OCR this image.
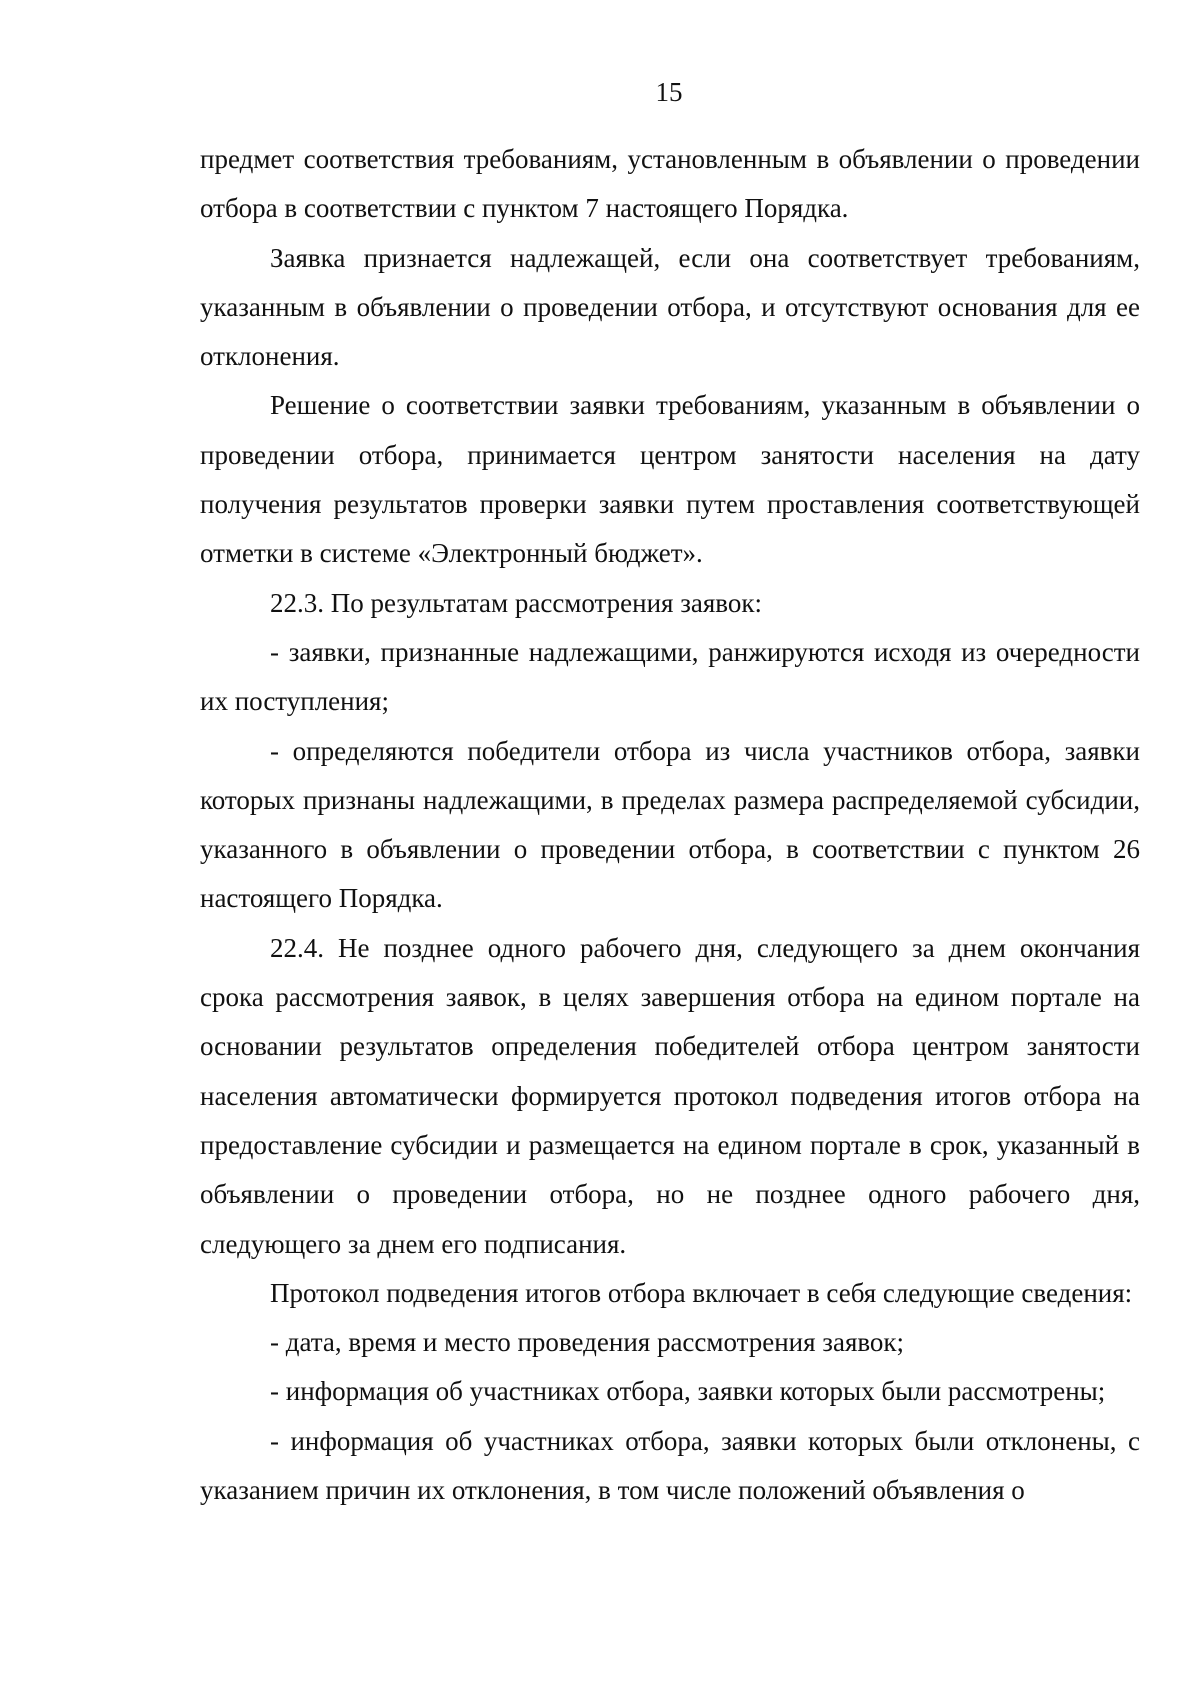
15

предмет соответствия требованиям, установленным в объявлении о проведении отбора в соответствии с пунктом 7 настоящего Порядка.

Заявка признается надлежащей, если она соответствует требованиям, указанным в объявлении о проведении отбора, и отсутствуют основания для ее отклонения.

Решение о соответствии заявки требованиям, указанным в объявлении о проведении отбора, принимается центром занятости населения на дату получения результатов проверки заявки путем проставления соответствующей отметки в системе «Электронный бюджет».

22.3. По результатам рассмотрения заявок:

- заявки, признанные надлежащими, ранжируются исходя из очередности их поступления;

- определяются победители отбора из числа участников отбора, заявки которых признаны надлежащими, в пределах размера распределяемой субсидии, указанного в объявлении о проведении отбора, в соответствии с пунктом 26 настоящего Порядка.

22.4. Не позднее одного рабочего дня, следующего за днем окончания срока рассмотрения заявок, в целях завершения отбора на едином портале на основании результатов определения победителей отбора центром занятости населения автоматически формируется протокол подведения итогов отбора на предоставление субсидии и размещается на едином портале в срок, указанный в объявлении о проведении отбора, но не позднее одного рабочего дня, следующего за днем его подписания.

Протокол подведения итогов отбора включает в себя следующие сведения:

- дата, время и место проведения рассмотрения заявок;

- информация об участниках отбора, заявки которых были рассмотрены;

- информация об участниках отбора, заявки которых были отклонены, с указанием причин их отклонения, в том числе положений объявления о
